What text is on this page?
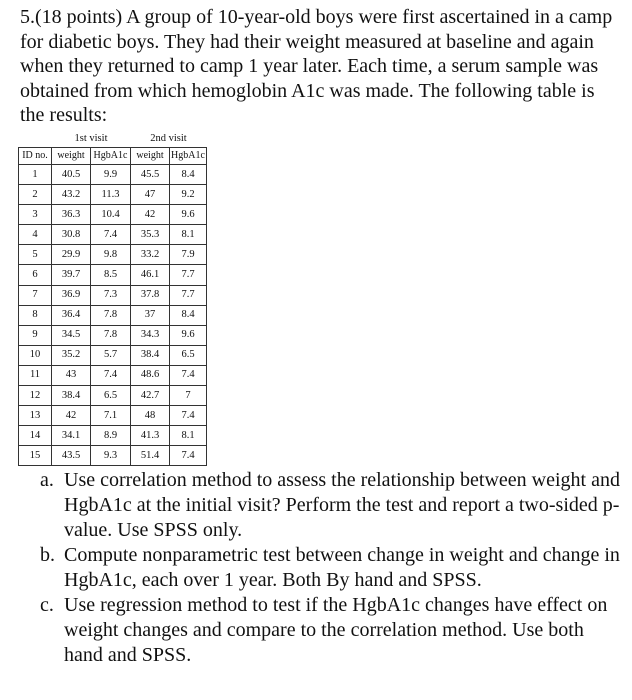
5.(18 points) A group of 10-year-old boys were first ascertained in a camp for diabetic boys. They had their weight measured at baseline and again when they returned to camp 1 year later. Each time, a serum sample was obtained from which hemoglobin A1c was made. The following table is the results:
	1st visit		2nd visit	
ID no.	weight	HgbA1c	weight	HgbA1c
1	40.5	9.9	45.5	8.4
2	43.2	11.3	47	9.2
3	36.3	10.4	42	9.6
4	30.8	7.4	35.3	8.1
5	29.9	9.8	33.2	7.9
6	39.7	8.5	46.1	7.7
7	36.9	7.3	37.8	7.7
8	36.4	7.8	37	8.4
9	34.5	7.8	34.3	9.6
10	35.2	5.7	38.4	6.5
11	43	7.4	48.6	7.4
12	38.4	6.5	42.7	7
13	42	7.1	48	7.4
14	34.1	8.9	41.3	8.1
15	43.5	9.3	51.4	7.4
a. Use correlation method to assess the relationship between weight and HgbA1c at the initial visit? Perform the test and report a two-sided p-value. Use SPSS only.
b. Compute nonparametric test between change in weight and change in HgbA1c, each over 1 year. Both By hand and SPSS.
c. Use regression method to test if the HgbA1c changes have effect on weight changes and compare to the correlation method. Use both hand and SPSS.
